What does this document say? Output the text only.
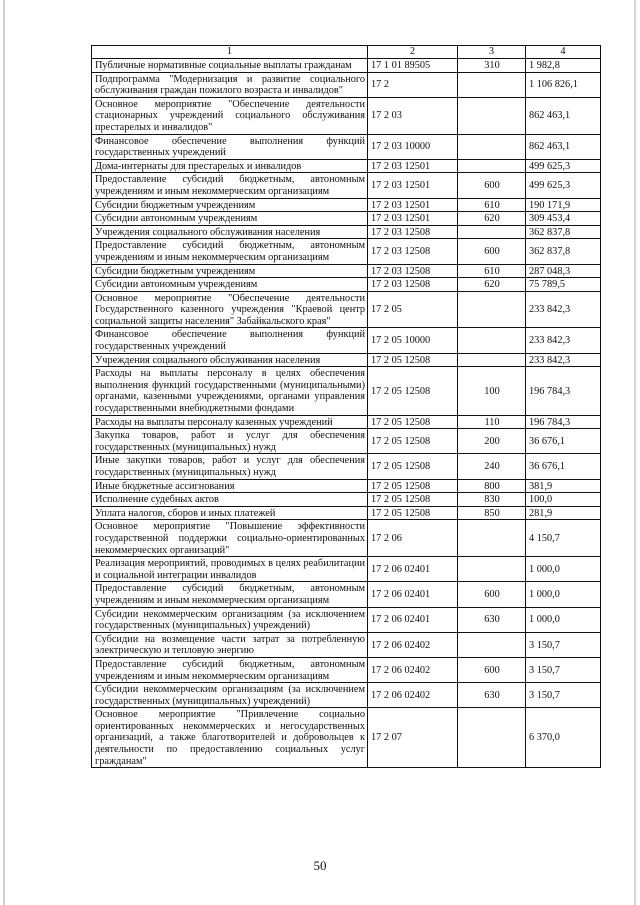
1	2	3	4
Публичные нормативные социальные выплаты гражданам	17 1 01 89505	310	1 982,8
Подпрограмма "Модернизация и развитие социального обслуживания граждан пожилого возраста и инвалидов"	17 2		1 106 826,1
Основное мероприятие "Обеспечение деятельности стационарных учреждений социального обслуживания престарелых и инвалидов"	17 2 03		862 463,1
Финансовое обеспечение выполнения функций государственных учреждений	17 2 03 10000		862 463,1
Дома-интернаты для престарелых и инвалидов	17 2 03 12501		499 625,3
Предоставление субсидий бюджетным, автономным учреждениям и иным некоммерческим организациям	17 2 03 12501	600	499 625,3
Субсидии бюджетным учреждениям	17 2 03 12501	610	190 171,9
Субсидии автономным учреждениям	17 2 03 12501	620	309 453,4
Учреждения социального обслуживания населения	17 2 03 12508		362 837,8
Предоставление субсидий бюджетным, автономным учреждениям и иным некоммерческим организациям	17 2 03 12508	600	362 837,8
Субсидии бюджетным учреждениям	17 2 03 12508	610	287 048,3
Субсидии автономным учреждениям	17 2 03 12508	620	75 789,5
Основное мероприятие "Обеспечение деятельности Государственного казенного учреждения "Краевой центр социальной защиты населения" Забайкальского края"	17 2 05		233 842,3
Финансовое обеспечение выполнения функций государственных учреждений	17 2 05 10000		233 842,3
Учреждения социального обслуживания населения	17 2 05 12508		233 842,3
Расходы на выплаты персоналу в целях обеспечения выполнения функций государственными (муниципальными) органами, казенными учреждениями, органами управления государственными внебюджетными фондами	17 2 05 12508	100	196 784,3
Расходы на выплаты персоналу казенных учреждений	17 2 05 12508	110	196 784,3
Закупка товаров, работ и услуг для обеспечения государственных (муниципальных) нужд	17 2 05 12508	200	36 676,1
Иные закупки товаров, работ и услуг для обеспечения государственных (муниципальных) нужд	17 2 05 12508	240	36 676,1
Иные бюджетные ассигнования	17 2 05 12508	800	381,9
Исполнение судебных актов	17 2 05 12508	830	100,0
Уплата налогов, сборов и иных платежей	17 2 05 12508	850	281,9
Основное мероприятие "Повышение эффективности государственной поддержки социально-ориентированных некоммерческих организаций"	17 2 06		4 150,7
Реализация мероприятий, проводимых в целях реабилитации и социальной интеграции инвалидов	17 2 06 02401		1 000,0
Предоставление субсидий бюджетным, автономным учреждениям и иным некоммерческим организациям	17 2 06 02401	600	1 000,0
Субсидии некоммерческим организациям (за исключением государственных (муниципальных) учреждений)	17 2 06 02401	630	1 000,0
Субсидии на возмещение части затрат за потребленную электрическую и тепловую энергию	17 2 06 02402		3 150,7
Предоставление субсидий бюджетным, автономным учреждениям и иным некоммерческим организациям	17 2 06 02402	600	3 150,7
Субсидии некоммерческим организациям (за исключением государственных (муниципальных) учреждений)	17 2 06 02402	630	3 150,7
Основное мероприятие "Привлечение социально ориентированных некоммерческих и негосударственных организаций, а также благотворителей и добровольцев к деятельности по предоставлению социальных услуг гражданам"	17 2 07		6 370,0
50
